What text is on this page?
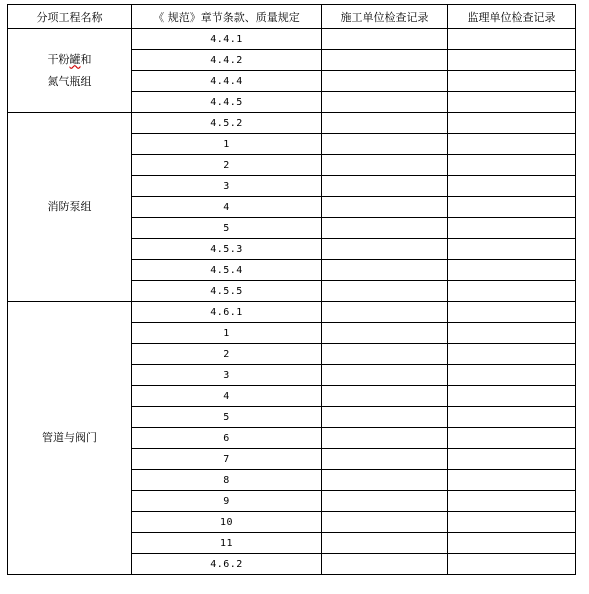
分项工程名称	《 规范》章节条款、质量规定	施工单位检查记录	监理单位检查记录

干粉罐和
氮气瓶组	4.4.1		
	4.4.2		
	4.4.4		
	4.4.5		

消防泵组	4.5.2		
	1		
	2		
	3		
	4		
	5		
	4.5.3		
	4.5.4		
	4.5.5		

管道与阀门	4.6.1		
	1		
	2		
	3		
	4		
	5		
	6		
	7		
	8		
	9		
	10		
	11		
	4.6.2		
